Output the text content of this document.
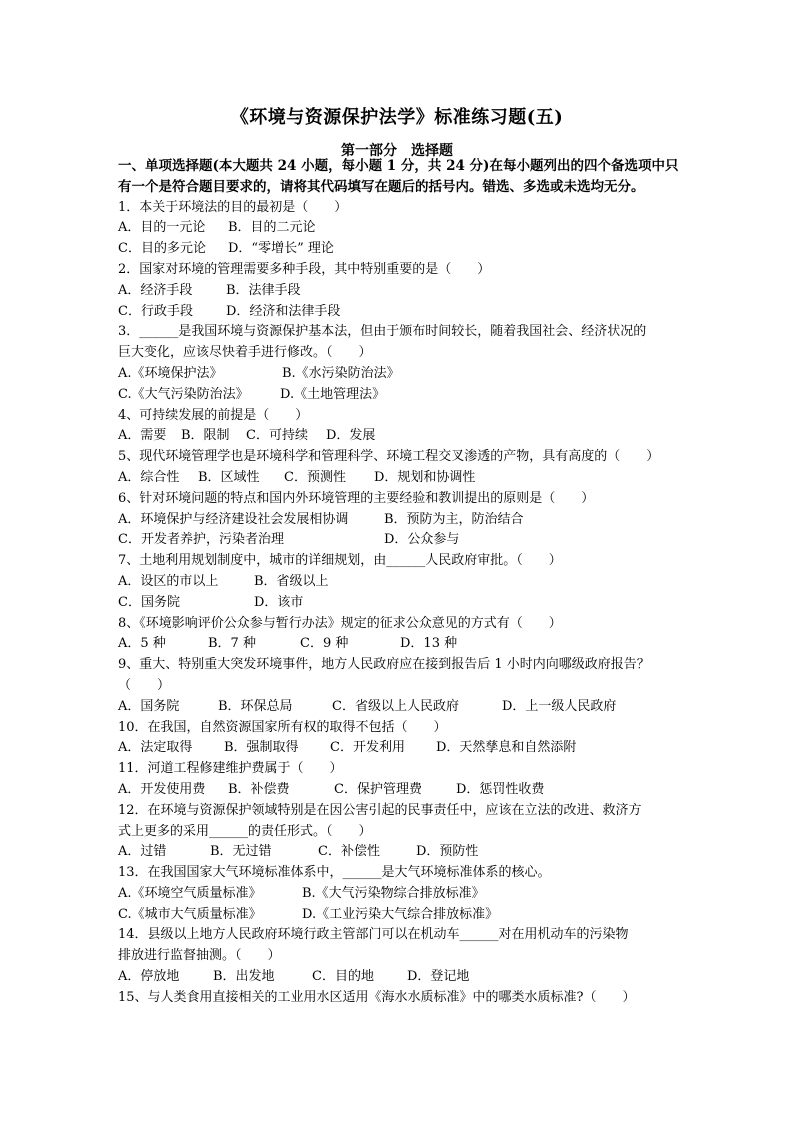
《环境与资源保护法学》标准练习题(五)
第一部分　选择题
一、单项选择题(本大题共 24 小题，每小题 1 分，共 24 分)在每小题列出的四个备选项中只
有一个是符合题目要求的，请将其代码填写在题后的括号内。错选、多选或未选均无分。
1．本关于环境法的目的最初是（　　）
A．目的一元论 B．目的二元论
C．目的多元论 D．“零增长” 理论
2．国家对环境的管理需要多种手段，其中特别重要的是（　　）
A．经济手段	B．法律手段
C．行政手段	D．经济和法律手段
3．______是我国环境与资源保护基本法，但由于颁布时间较长，随着我国社会、经济状况的
巨大变化，应该尽快着手进行修改。（　　）
A.《环境保护法》	B.《水污染防治法》
C.《大气污染防治法》 D.《土地管理法》
4、可持续发展的前提是（　　）
A．需要 B．限制 C．可持续 D．发展
5、现代环境管理学也是环境科学和管理科学、环境工程交叉渗透的产物，具有高度的（　　）
A．综合性 B．区域性 C．预测性 D．规划和协调性
6、针对环境问题的特点和国内外环境管理的主要经验和教训提出的原则是（　　）
A．环境保护与经济建设社会发展相协调	B．预防为主，防治结合
C．开发者养护，污染者治理	D．公众参与
7、土地利用规划制度中，城市的详细规划，由______人民政府审批。（　　）
A．设区的市以上	B．省级以上
C．国务院	D．该市
8、《环境影响评价公众参与暂行办法》规定的征求公众意见的方式有（　　）
A．5 种	B．7 种	C．9 种	D．13 种
9、重大、特别重大突发环境事件，地方人民政府应在接到报告后 1 小时内向哪级政府报告？
（　　）
A．国务院	B．环保总局	C．省级以上人民政府	D．上一级人民政府
10．在我国，自然资源国家所有权的取得不包括（　　）
A．法定取得 B．强制取得 C．开发利用 D．天然孳息和自然添附
11．河道工程修建维护费属于（　　）
A．开发使用费 B．补偿费	C．保护管理费	D．惩罚性收费
12．在环境与资源保护领域特别是在因公害引起的民事责任中，应该在立法的改进、救济方
式上更多的采用______的责任形式。（　　）
A．过错	B．无过错	C．补偿性	D．预防性
13．在我国国家大气环境标准体系中，______是大气环境标准体系的核心。
A.《环境空气质量标准》	B.《大气污染物综合排放标准》
C.《城市大气质量标准》	D.《工业污染大气综合排放标准》
14．县级以上地方人民政府环境行政主管部门可以在机动车______对在用机动车的污染物
排放进行监督抽测。（　　）
A．停放地	B．出发地	C．目的地	D．登记地
15、与人类食用直接相关的工业用水区适用《海水水质标准》中的哪类水质标准?（　　）
